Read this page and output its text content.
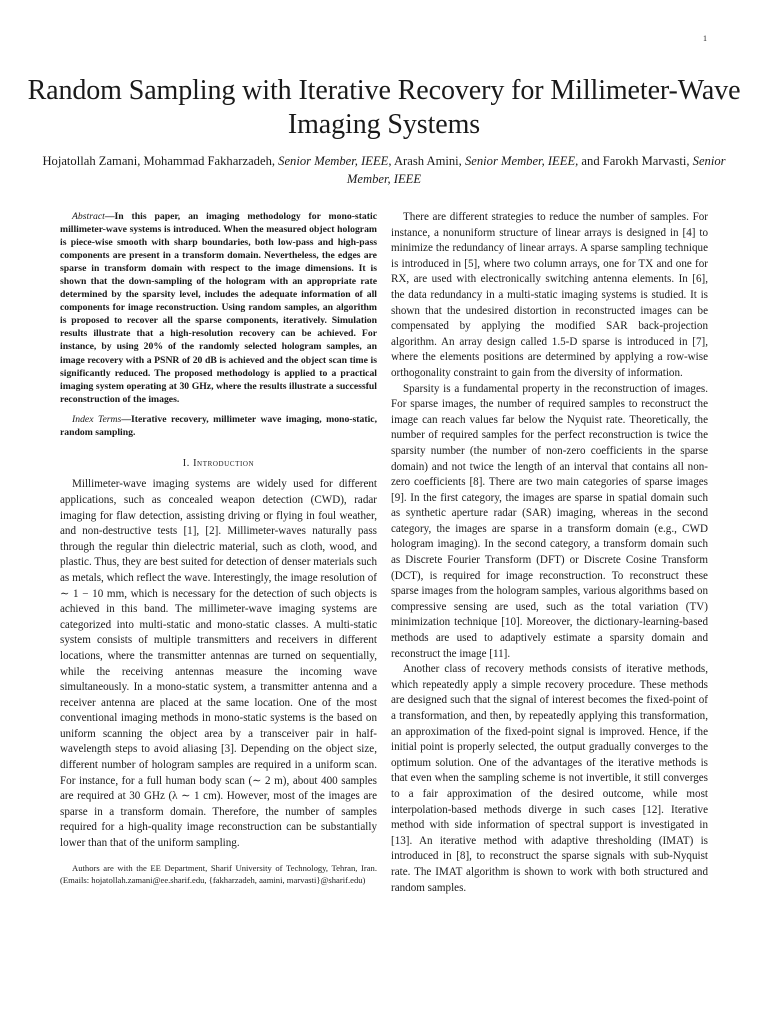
1
Random Sampling with Iterative Recovery for Millimeter-Wave Imaging Systems
Hojatollah Zamani, Mohammad Fakharzadeh, Senior Member, IEEE, Arash Amini, Senior Member, IEEE, and Farokh Marvasti, Senior Member, IEEE

Abstract—In this paper, an imaging methodology for mono-static millimeter-wave systems is introduced. When the measured object hologram is piece-wise smooth with sharp boundaries, both low-pass and high-pass components are present in a transform domain. Nevertheless, the edges are sparse in transform domain with respect to the image dimensions. It is shown that the down-sampling of the hologram with an appropriate rate determined by the sparsity level, includes the adequate information of all components for image reconstruction. Using random samples, an algorithm is proposed to recover all the sparse components, iteratively. Simulation results illustrate that a high-resolution recovery can be achieved. For instance, by using 20% of the randomly selected hologram samples, an image recovery with a PSNR of 20 dB is achieved and the object scan time is significantly reduced. The proposed methodology is applied to a practical imaging system operating at 30 GHz, where the results illustrate a successful reconstruction of the images.

Index Terms—Iterative recovery, millimeter wave imaging, mono-static, random sampling.

I. Introduction

Millimeter-wave imaging systems are widely used for different applications, such as concealed weapon detection (CWD), radar imaging for flaw detection, assisting driving or flying in foul weather, and non-destructive tests [1], [2]. Millimeter-waves naturally pass through the regular thin dielectric material, such as cloth, wood, and plastic. Thus, they are best suited for detection of denser materials such as metals, which reflect the wave. Interestingly, the image resolution of ∼ 1 − 10 mm, which is necessary for the detection of such objects is achieved in this band. The millimeter-wave imaging systems are categorized into multi-static and mono-static classes. A multi-static system consists of multiple transmitters and receivers in different locations, where the transmitter antennas are turned on sequentially, while the receiving antennas measure the incoming wave simultaneously. In a mono-static system, a transmitter antenna and a receiver antenna are placed at the same location. One of the most conventional imaging methods in mono-static systems is the based on uniform scanning the object area by a transceiver pair in half-wavelength steps to avoid aliasing [3]. Depending on the object size, different number of hologram samples are required in a uniform scan. For instance, for a full human body scan (∼ 2 m), about 400 samples are required at 30 GHz (λ ∼ 1 cm). However, most of the images are sparse in a transform domain. Therefore, the number of samples required for a high-quality image reconstruction can be substantially lower than that of the uniform sampling.

Authors are with the EE Department, Sharif University of Technology, Tehran, Iran.(Emails: hojatollah.zamani@ee.sharif.edu, {fakharzadeh, aamini, marvasti}@sharif.edu)

There are different strategies to reduce the number of samples. For instance, a nonuniform structure of linear arrays is designed in [4] to minimize the redundancy of linear arrays. A sparse sampling technique is introduced in [5], where two column arrays, one for TX and one for RX, are used with electronically switching antenna elements. In [6], the data redundancy in a multi-static imaging systems is studied. It is shown that the undesired distortion in reconstructed images can be compensated by applying the modified SAR back-projection algorithm. An array design called 1.5-D sparse is introduced in [7], where the elements positions are determined by applying a row-wise orthogonality constraint to gain from the diversity of information.

Sparsity is a fundamental property in the reconstruction of images. For sparse images, the number of required samples to reconstruct the image can reach values far below the Nyquist rate. Theoretically, the number of required samples for the perfect reconstruction is twice the sparsity number (the number of non-zero coefficients in the sparse domain) and not twice the length of an interval that contains all non-zero coefficients [8]. There are two main categories of sparse images [9]. In the first category, the images are sparse in spatial domain such as synthetic aperture radar (SAR) imaging, whereas in the second category, the images are sparse in a transform domain (e.g., CWD hologram imaging). In the second category, a transform domain such as Discrete Fourier Transform (DFT) or Discrete Cosine Transform (DCT), is required for image reconstruction. To reconstruct these sparse images from the hologram samples, various algorithms based on compressive sensing are used, such as the total variation (TV) minimization technique [10]. Moreover, the dictionary-learning-based methods are used to adaptively estimate a sparsity domain and reconstruct the image [11].

Another class of recovery methods consists of iterative methods, which repeatedly apply a simple recovery procedure. These methods are designed such that the signal of interest becomes the fixed-point of a transformation, and then, by repeatedly applying this transformation, an approximation of the fixed-point signal is improved. Hence, if the initial point is properly selected, the output gradually converges to the optimum solution. One of the advantages of the iterative methods is that even when the sampling scheme is not invertible, it still converges to a fair approximation of the desired outcome, while most interpolation-based methods diverge in such cases [12]. Iterative method with side information of spectral support is investigated in [13]. An iterative method with adaptive thresholding (IMAT) is introduced in [8], to reconstruct the sparse signals with sub-Nyquist rate. The IMAT algorithm is shown to work with both structured and random samples.
